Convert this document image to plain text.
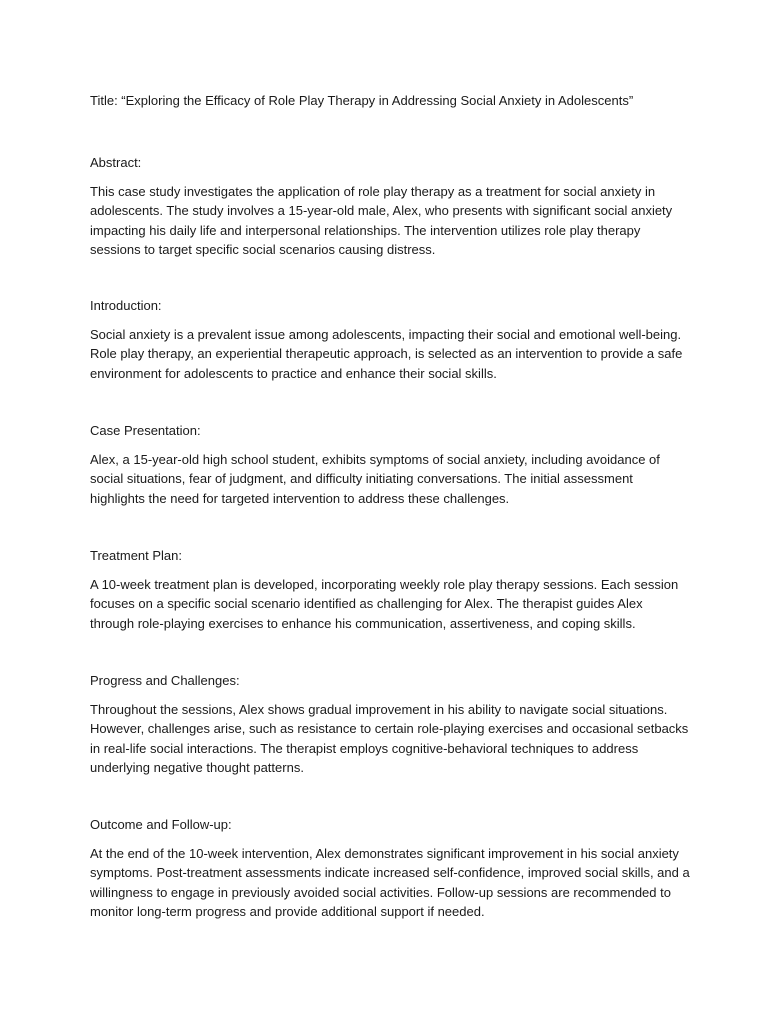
Title: “Exploring the Efficacy of Role Play Therapy in Addressing Social Anxiety in Adolescents”

Abstract:

This case study investigates the application of role play therapy as a treatment for social anxiety in adolescents. The study involves a 15-year-old male, Alex, who presents with significant social anxiety impacting his daily life and interpersonal relationships. The intervention utilizes role play therapy sessions to target specific social scenarios causing distress.

Introduction:

Social anxiety is a prevalent issue among adolescents, impacting their social and emotional well-being. Role play therapy, an experiential therapeutic approach, is selected as an intervention to provide a safe environment for adolescents to practice and enhance their social skills.

Case Presentation:

Alex, a 15-year-old high school student, exhibits symptoms of social anxiety, including avoidance of social situations, fear of judgment, and difficulty initiating conversations. The initial assessment highlights the need for targeted intervention to address these challenges.

Treatment Plan:

A 10-week treatment plan is developed, incorporating weekly role play therapy sessions. Each session focuses on a specific social scenario identified as challenging for Alex. The therapist guides Alex through role-playing exercises to enhance his communication, assertiveness, and coping skills.

Progress and Challenges:

Throughout the sessions, Alex shows gradual improvement in his ability to navigate social situations. However, challenges arise, such as resistance to certain role-playing exercises and occasional setbacks in real-life social interactions. The therapist employs cognitive-behavioral techniques to address underlying negative thought patterns.

Outcome and Follow-up:

At the end of the 10-week intervention, Alex demonstrates significant improvement in his social anxiety symptoms. Post-treatment assessments indicate increased self-confidence, improved social skills, and a willingness to engage in previously avoided social activities. Follow-up sessions are recommended to monitor long-term progress and provide additional support if needed.
